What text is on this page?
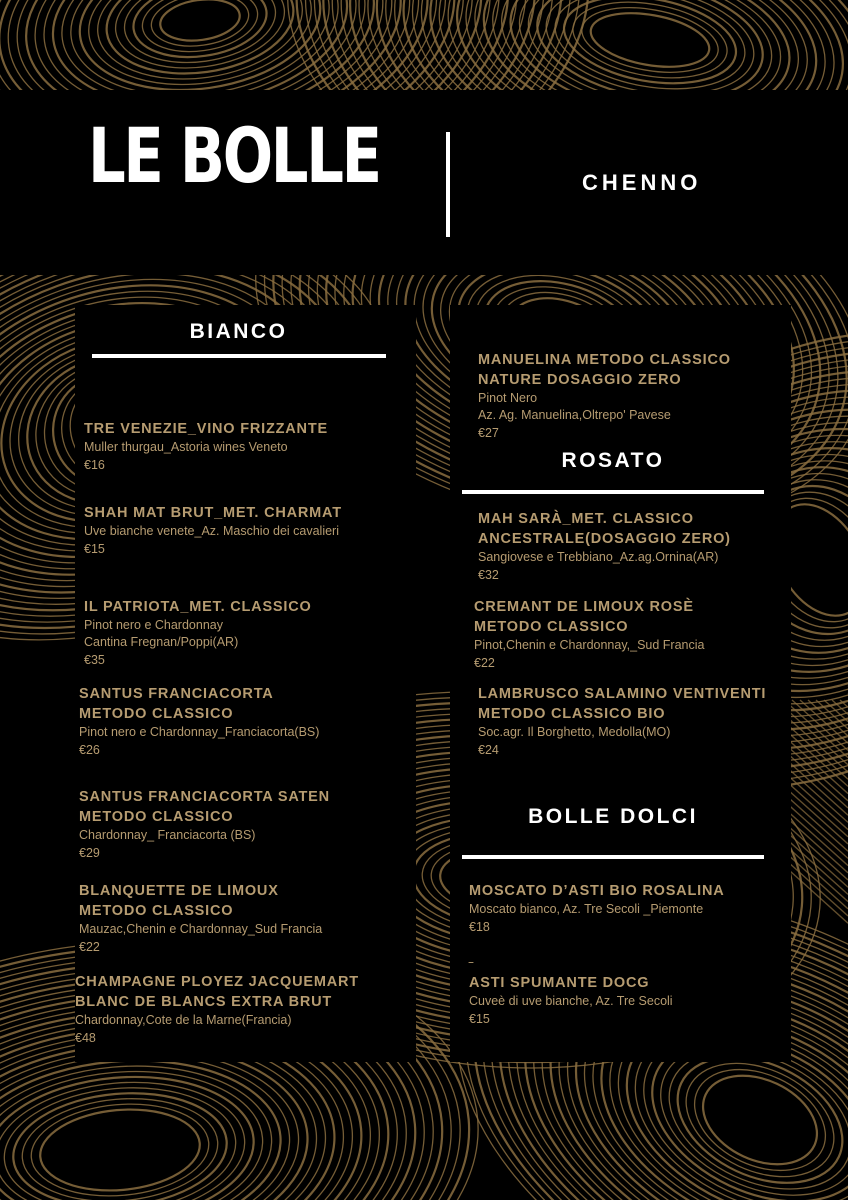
LE BOLLE	CHENNO
BIANCO
ROSATO
BOLLE DOLCI
–
TRE VENEZIE_VINO FRIZZANTE
Muller thurgau_Astoria wines Veneto
€16
SHAH MAT BRUT_MET. CHARMAT
Uve bianche venete_Az. Maschio dei cavalieri
€15
IL PATRIOTA_MET. CLASSICO
Pinot nero e Chardonnay
Cantina Fregnan/Poppi(AR)
€35
SANTUS FRANCIACORTA
METODO CLASSICO
Pinot nero e Chardonnay_Franciacorta(BS)
€26
SANTUS FRANCIACORTA SATEN
METODO CLASSICO
Chardonnay_ Franciacorta (BS)
€29
BLANQUETTE DE LIMOUX
METODO CLASSICO
Mauzac,Chenin e Chardonnay_Sud Francia
€22
CHAMPAGNE PLOYEZ JACQUEMART
BLANC DE BLANCS EXTRA BRUT
Chardonnay,Cote de la Marne(Francia)
€48
MANUELINA METODO CLASSICO
NATURE DOSAGGIO ZERO
Pinot Nero
Az. Ag. Manuelina,Oltrepo' Pavese
€27
MAH SARÀ_MET. CLASSICO
ANCESTRALE(DOSAGGIO ZERO)
Sangiovese e Trebbiano_Az.ag.Ornina(AR)
€32
CREMANT DE LIMOUX ROSÈ
METODO CLASSICO
Pinot,Chenin e Chardonnay,_Sud Francia
€22
LAMBRUSCO SALAMINO VENTIVENTI
METODO CLASSICO BIO
Soc.agr. Il Borghetto, Medolla(MO)
€24
MOSCATO D’ASTI BIO ROSALINA
Moscato bianco, Az. Tre Secoli _Piemonte
€18
ASTI SPUMANTE DOCG
Cuveè di uve bianche, Az. Tre Secoli
€15
